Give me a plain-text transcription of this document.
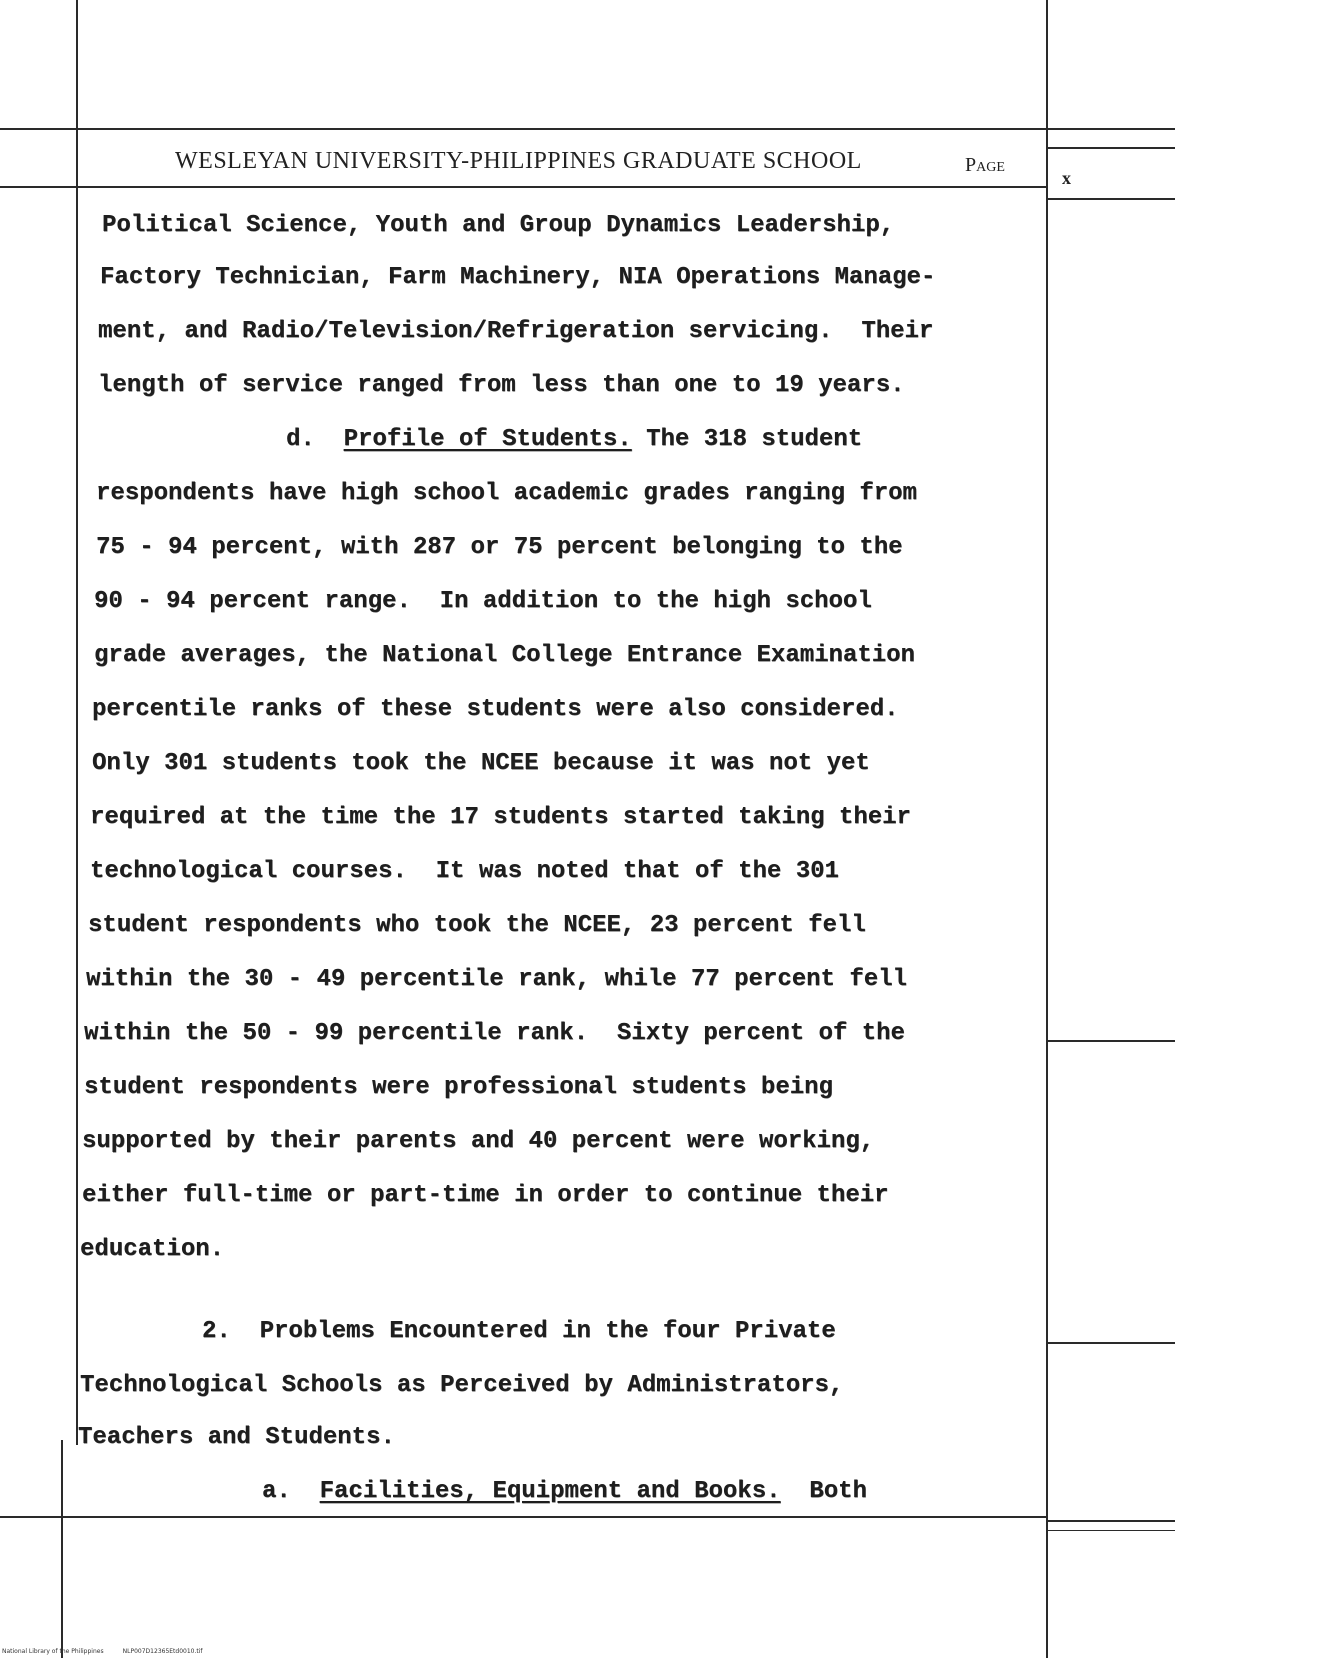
WESLEYAN UNIVERSITY-PHILIPPINES GRADUATE SCHOOL	Page
x
Political Science, Youth and Group Dynamics Leadership,
Factory Technician, Farm Machinery, NIA Operations Manage-
ment, and Radio/Television/Refrigeration servicing.  Their
length of service ranged from less than one to 19 years.
d. Profile of Students. The 318 student
respondents have high school academic grades ranging from
75 - 94 percent, with 287 or 75 percent belonging to the
90 - 94 percent range.  In addition to the high school
grade averages, the National College Entrance Examination
percentile ranks of these students were also considered.
Only 301 students took the NCEE because it was not yet
required at the time the 17 students started taking their
technological courses.  It was noted that of the 301
student respondents who took the NCEE, 23 percent fell
within the 30 - 49 percentile rank, while 77 percent fell
within the 50 - 99 percentile rank.  Sixty percent of the
student respondents were professional students being
supported by their parents and 40 percent were working,
either full-time or part-time in order to continue their
education.
2.  Problems Encountered in the four Private
Technological Schools as Perceived by Administrators,
Teachers and Students.
a. Facilities, Equipment and Books.  Both
National Library of the Philippines	NLP007D12365Etd0010.tif
